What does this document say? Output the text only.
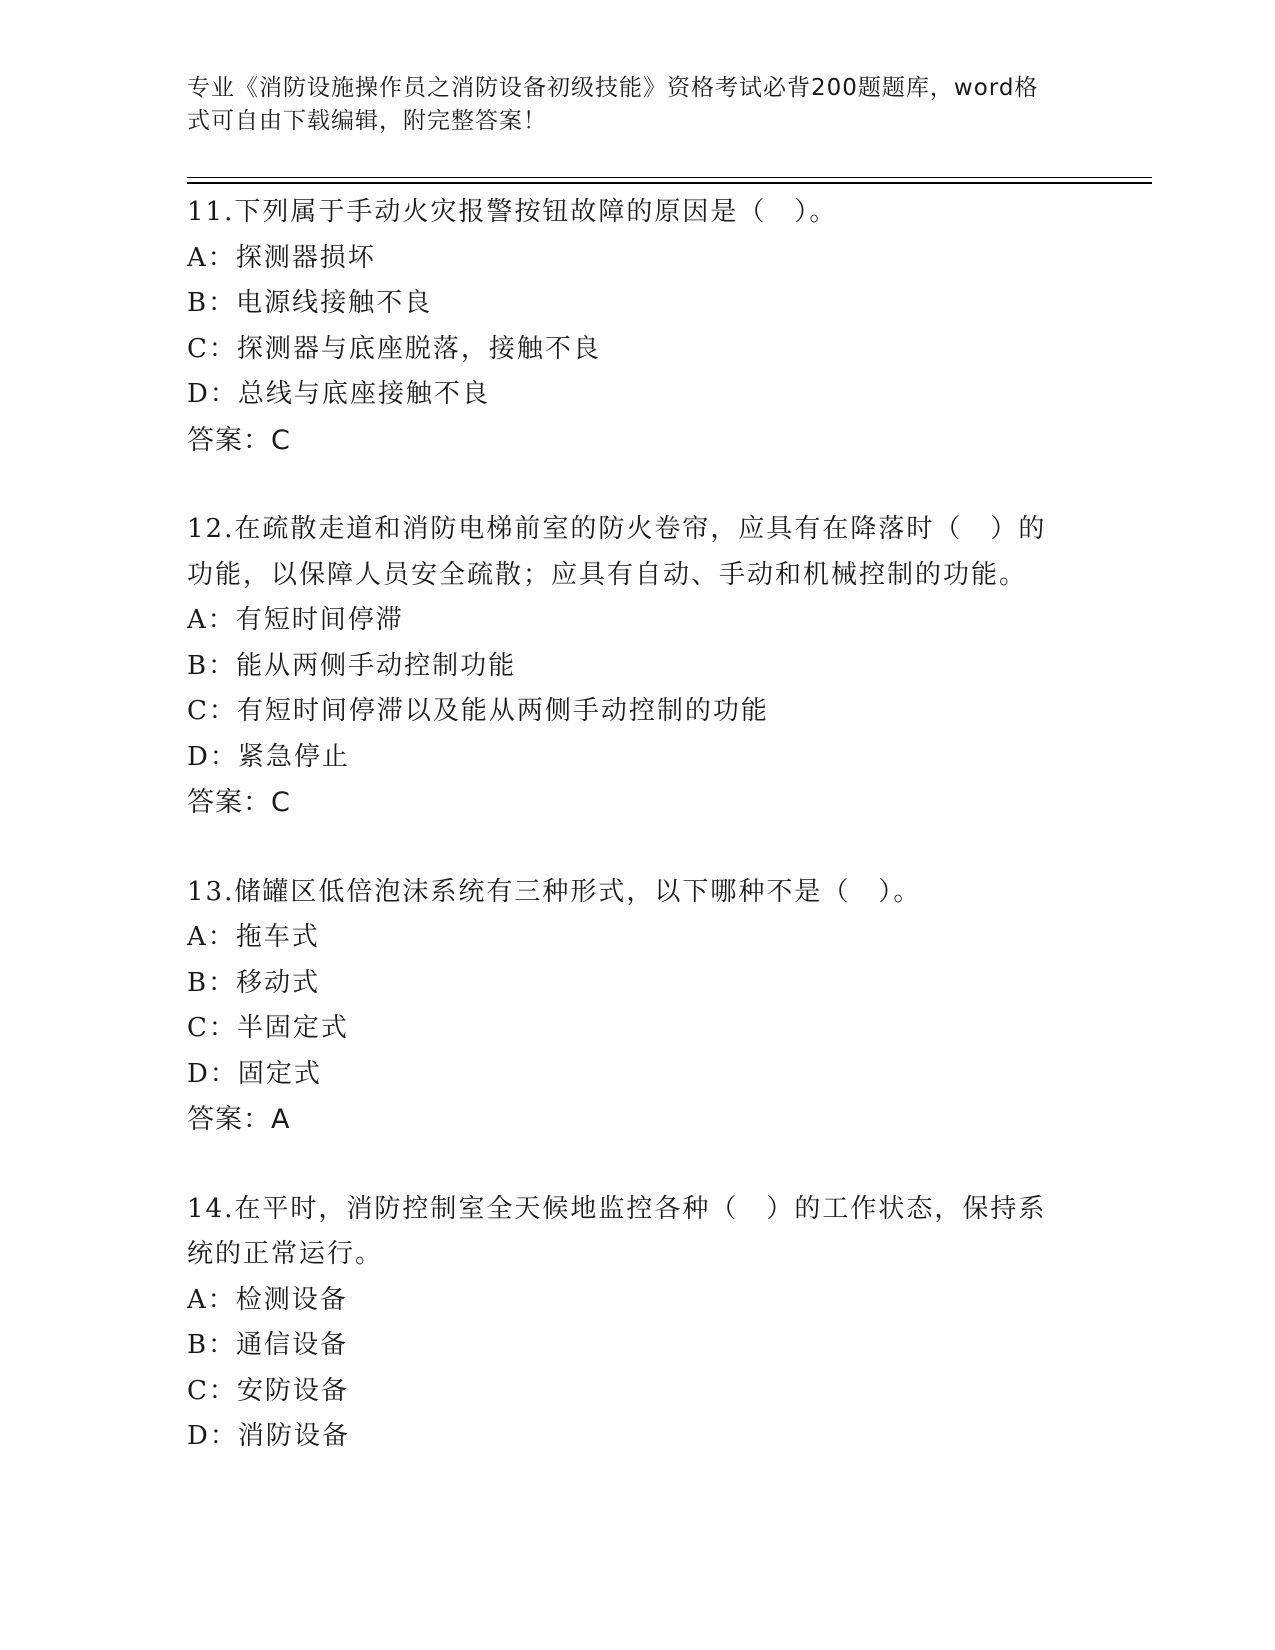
专业《消防设施操作员之消防设备初级技能》资格考试必背200题题库，word格
式可自由下载编辑，附完整答案！
11.下列属于手动火灾报警按钮故障的原因是（　）。
A：探测器损坏
B：电源线接触不良
C：探测器与底座脱落，接触不良
D：总线与底座接触不良
答案：C
12.在疏散走道和消防电梯前室的防火卷帘，应具有在降落时（　）的
功能，以保障人员安全疏散；应具有自动、手动和机械控制的功能。
A：有短时间停滞
B：能从两侧手动控制功能
C：有短时间停滞以及能从两侧手动控制的功能
D：紧急停止
答案：C
13.储罐区低倍泡沫系统有三种形式，以下哪种不是（　）。
A：拖车式
B：移动式
C：半固定式
D：固定式
答案：A
14.在平时，消防控制室全天候地监控各种（　）的工作状态，保持系
统的正常运行。
A：检测设备
B：通信设备
C：安防设备
D：消防设备
